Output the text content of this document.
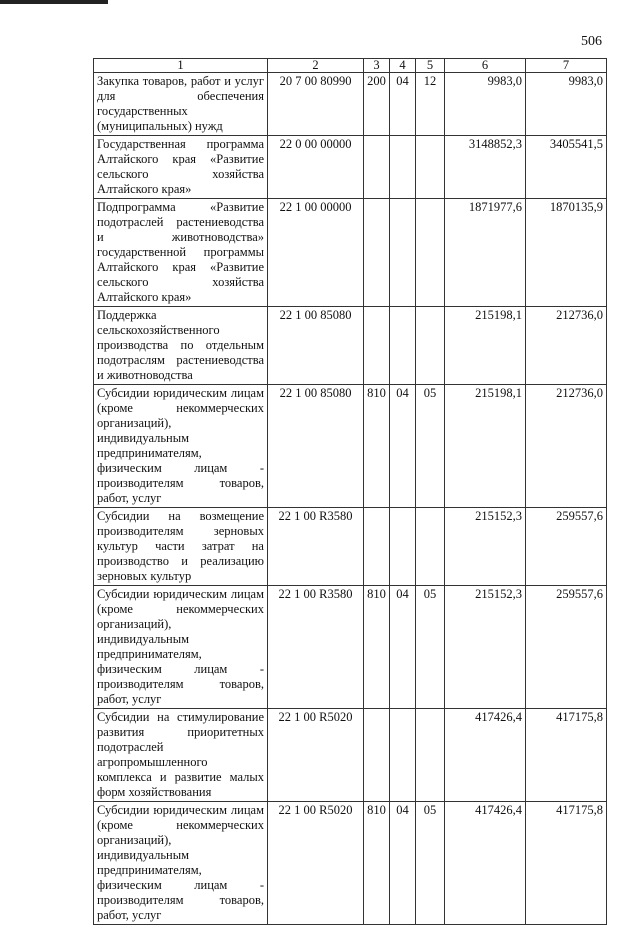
506
1	2	3	4	5	6	7
Закупка товаров, работ и услуг для обеспечения государственных (муниципальных) нужд	20 7 00 80990	200	04	12	9983,0	9983,0
Государственная программа Алтайского края «Развитие сельского хозяйства Алтайского края»	22 0 00 00000				3148852,3	3405541,5
Подпрограмма «Развитие подотраслей растениеводства и животноводства» государственной программы Алтайского края «Развитие сельского хозяйства Алтайского края»	22 1 00 00000				1871977,6	1870135,9
Поддержка сельскохозяйственного производства по отдельным подотраслям растениеводства и животноводства	22 1 00 85080				215198,1	212736,0
Субсидии юридическим лицам (кроме некоммерческих организаций), индивидуальным предпринимателям, физическим лицам - производителям товаров, работ, услуг	22 1 00 85080	810	04	05	215198,1	212736,0
Субсидии на возмещение производителям зерновых культур части затрат на производство и реализацию зерновых культур	22 1 00 R3580				215152,3	259557,6
Субсидии юридическим лицам (кроме некоммерческих организаций), индивидуальным предпринимателям, физическим лицам - производителям товаров, работ, услуг	22 1 00 R3580	810	04	05	215152,3	259557,6
Субсидии на стимулирование развития приоритетных подотраслей агропромышленного комплекса и развитие малых форм хозяйствования	22 1 00 R5020				417426,4	417175,8
Субсидии юридическим лицам (кроме некоммерческих организаций), индивидуальным предпринимателям, физическим лицам - производителям товаров, работ, услуг	22 1 00 R5020	810	04	05	417426,4	417175,8
